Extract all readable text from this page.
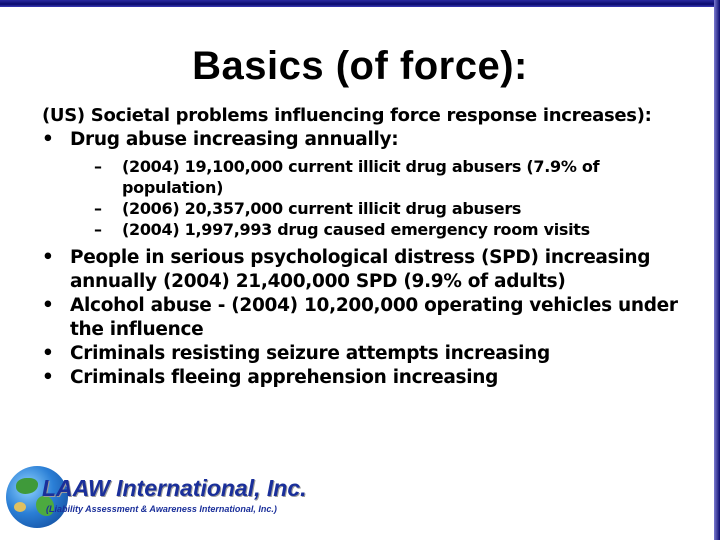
Basics (of force):
(US) Societal problems influencing force response increases):
• Drug abuse increasing annually:
– (2004) 19,100,000 current illicit drug abusers (7.9% of population)
– (2006) 20,357,000 current illicit drug abusers
– (2004) 1,997,993 drug caused emergency room visits
• People in serious psychological distress (SPD) increasing annually (2004) 21,400,000 SPD (9.9% of adults)
• Alcohol abuse - (2004) 10,200,000 operating vehicles under the influence
• Criminals resisting seizure attempts increasing
• Criminals fleeing apprehension increasing
LAAW International, Inc.
(Liability Assessment & Awareness International, Inc.)
